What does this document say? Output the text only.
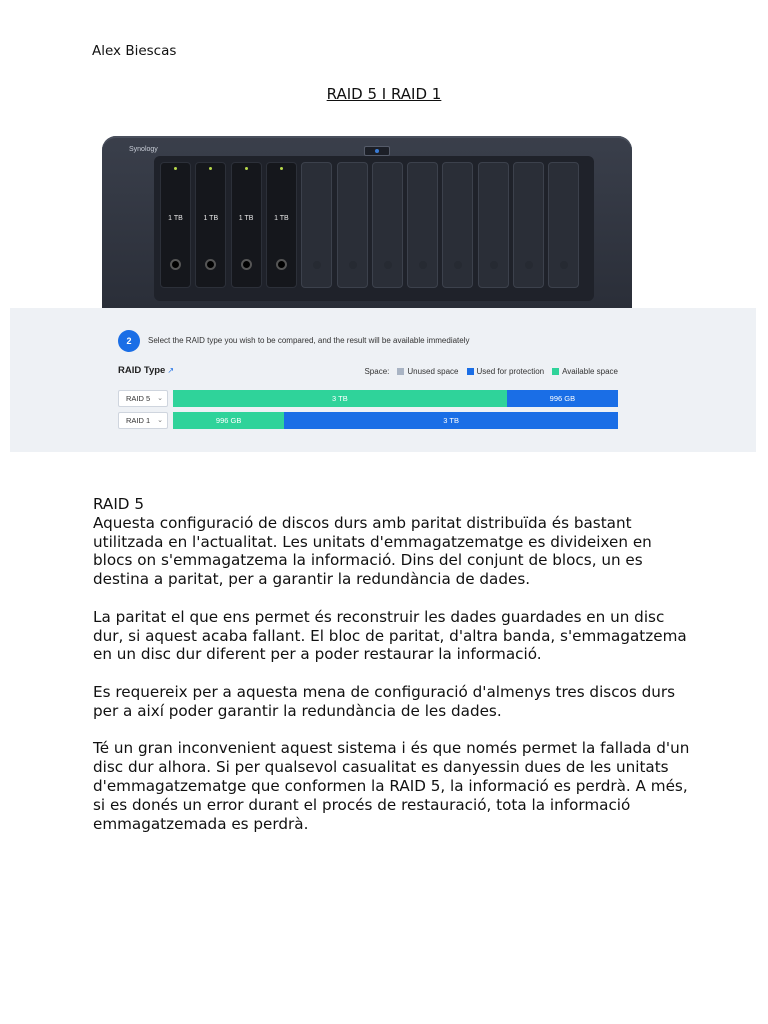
Alex Biescas
RAID 5 I RAID 1
Synology
1 TB	1 TB	1 TB	1 TB
2	Select the RAID type you wish to be compared, and the result will be available immediately
RAID Type ↗	Space: Unused space Used for protection Available space
RAID 5 ⌄	3 TB	996 GB
RAID 1 ⌄	996 GB	3 TB
RAID 5

Aquesta configuració de discos durs amb paritat distribuïda és bastant utilitzada en l'actualitat. Les unitats d'emmagatzematge es divideixen en blocs on s'emmagatzema la informació. Dins del conjunt de blocs, un es destina a paritat, per a garantir la redundància de dades.

La paritat el que ens permet és reconstruir les dades guardades en un disc dur, si aquest acaba fallant. El bloc de paritat, d'altra banda, s'emmagatzema en un disc dur diferent per a poder restaurar la informació.

Es requereix per a aquesta mena de configuració d'almenys tres discos durs per a així poder garantir la redundància de les dades.

Té un gran inconvenient aquest sistema i és que només permet la fallada d'un disc dur alhora. Si per qualsevol casualitat es danyessin dues de les unitats d'emmagatzematge que conformen la RAID 5, la informació es perdrà. A més, si es donés un error durant el procés de restauració, tota la informació emmagatzemada es perdrà.
